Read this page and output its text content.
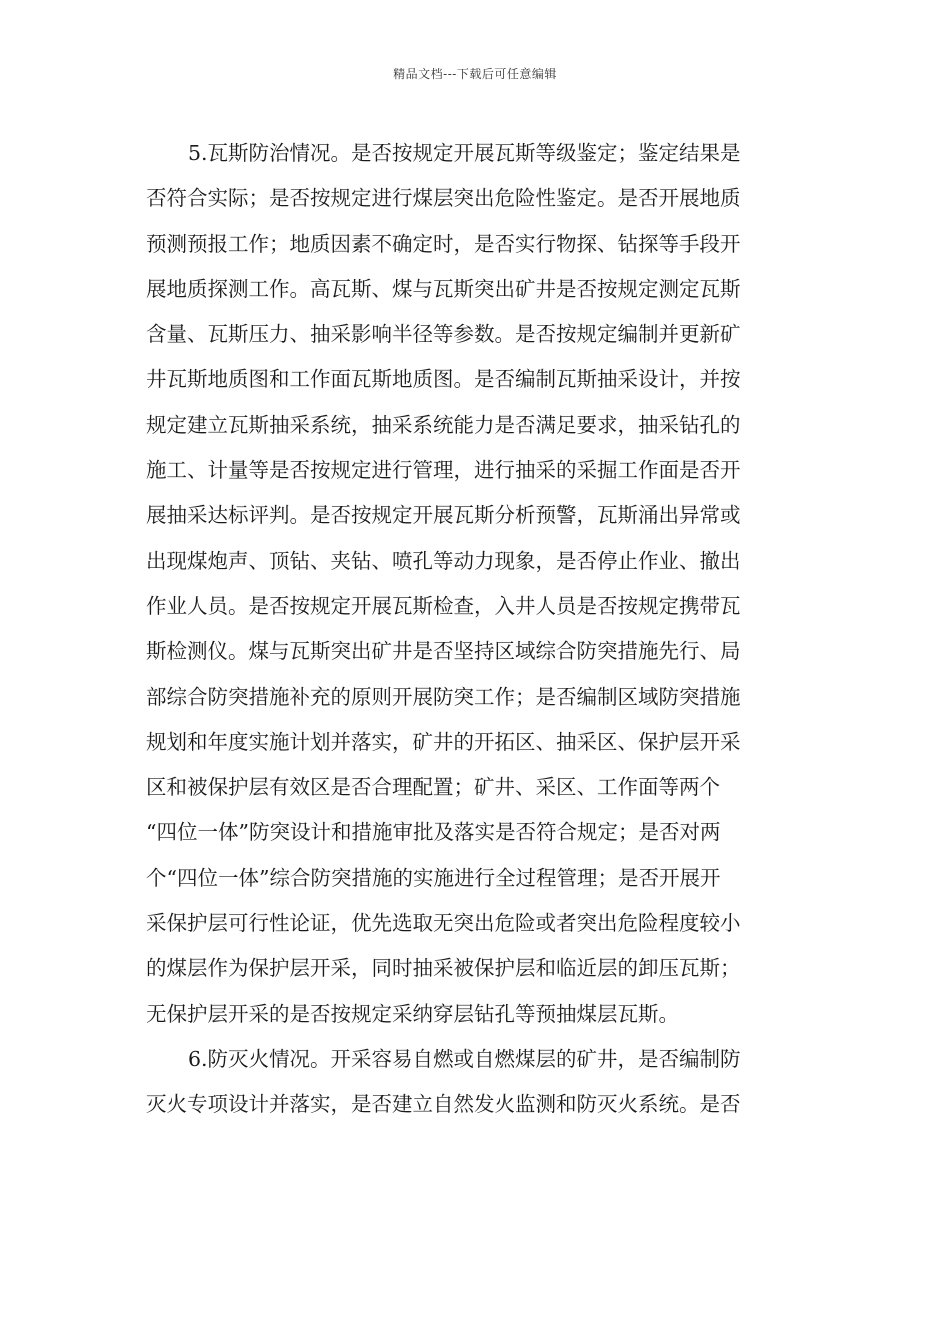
精品文档---下载后可任意编辑
5.瓦斯防治情况。是否按规定开展瓦斯等级鉴定；鉴定结果是
否符合实际；是否按规定进行煤层突出危险性鉴定。是否开展地质
预测预报工作；地质因素不确定时，是否实行物探、钻探等手段开
展地质探测工作。高瓦斯、煤与瓦斯突出矿井是否按规定测定瓦斯
含量、瓦斯压力、抽采影响半径等参数。是否按规定编制并更新矿
井瓦斯地质图和工作面瓦斯地质图。是否编制瓦斯抽采设计，并按
规定建立瓦斯抽采系统，抽采系统能力是否满足要求，抽采钻孔的
施工、计量等是否按规定进行管理，进行抽采的采掘工作面是否开
展抽采达标评判。是否按规定开展瓦斯分析预警，瓦斯涌出异常或
出现煤炮声、顶钻、夹钻、喷孔等动力现象，是否停止作业、撤出
作业人员。是否按规定开展瓦斯检查，入井人员是否按规定携带瓦
斯检测仪。煤与瓦斯突出矿井是否坚持区域综合防突措施先行、局
部综合防突措施补充的原则开展防突工作；是否编制区域防突措施
规划和年度实施计划并落实，矿井的开拓区、抽采区、保护层开采
区和被保护层有效区是否合理配置；矿井、采区、工作面等两个
“四位一体”防突设计和措施审批及落实是否符合规定；是否对两
个“四位一体”综合防突措施的实施进行全过程管理；是否开展开
采保护层可行性论证，优先选取无突出危险或者突出危险程度较小
的煤层作为保护层开采，同时抽采被保护层和临近层的卸压瓦斯；
无保护层开采的是否按规定采纳穿层钻孔等预抽煤层瓦斯。
6.防灭火情况。开采容易自燃或自燃煤层的矿井，是否编制防
灭火专项设计并落实，是否建立自然发火监测和防灭火系统。是否
